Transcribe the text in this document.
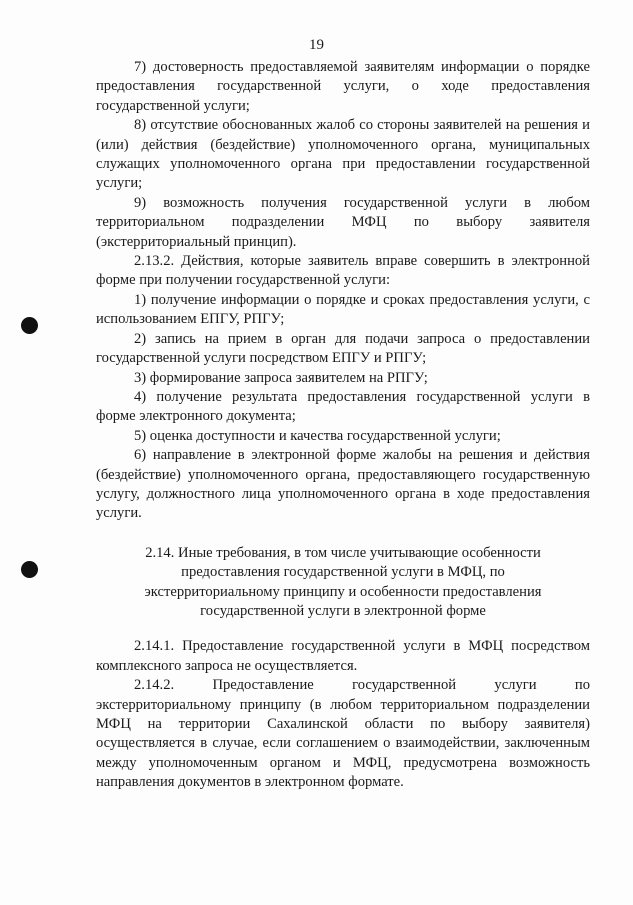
19

7) достоверность предоставляемой заявителям информации о порядке предоставления государственной услуги, о ходе предоставления государственной услуги;

8) отсутствие обоснованных жалоб со стороны заявителей на решения и (или) действия (бездействие) уполномоченного органа, муниципальных служащих уполномоченного органа при предоставлении государственной услуги;

9) возможность получения государственной услуги в любом территориальном подразделении МФЦ по выбору заявителя (экстерриториальный принцип).

2.13.2. Действия, которые заявитель вправе совершить в электронной форме при получении государственной услуги:

1) получение информации о порядке и сроках предоставления услуги, с использованием ЕПГУ, РПГУ;

2) запись на прием в орган для подачи запроса о предоставлении государственной услуги посредством ЕПГУ и РПГУ;

3) формирование запроса заявителем на РПГУ;

4) получение результата предоставления государственной услуги в форме электронного документа;

5) оценка доступности и качества государственной услуги;

6) направление в электронной форме жалобы на решения и действия (бездействие) уполномоченного органа, предоставляющего государственную услугу, должностного лица уполномоченного органа в ходе предоставления услуги.

2.14. Иные требования, в том числе учитывающие особенности предоставления государственной услуги в МФЦ, по экстерриториальному принципу и особенности предоставления государственной услуги в электронной форме

2.14.1. Предоставление государственной услуги в МФЦ посредством комплексного запроса не осуществляется.

2.14.2. Предоставление государственной услуги по экстерриториальному принципу (в любом территориальном подразделении МФЦ на территории Сахалинской области по выбору заявителя) осуществляется в случае, если соглашением о взаимодействии, заключенным между уполномоченным органом и МФЦ, предусмотрена возможность направления документов в электронном формате.
